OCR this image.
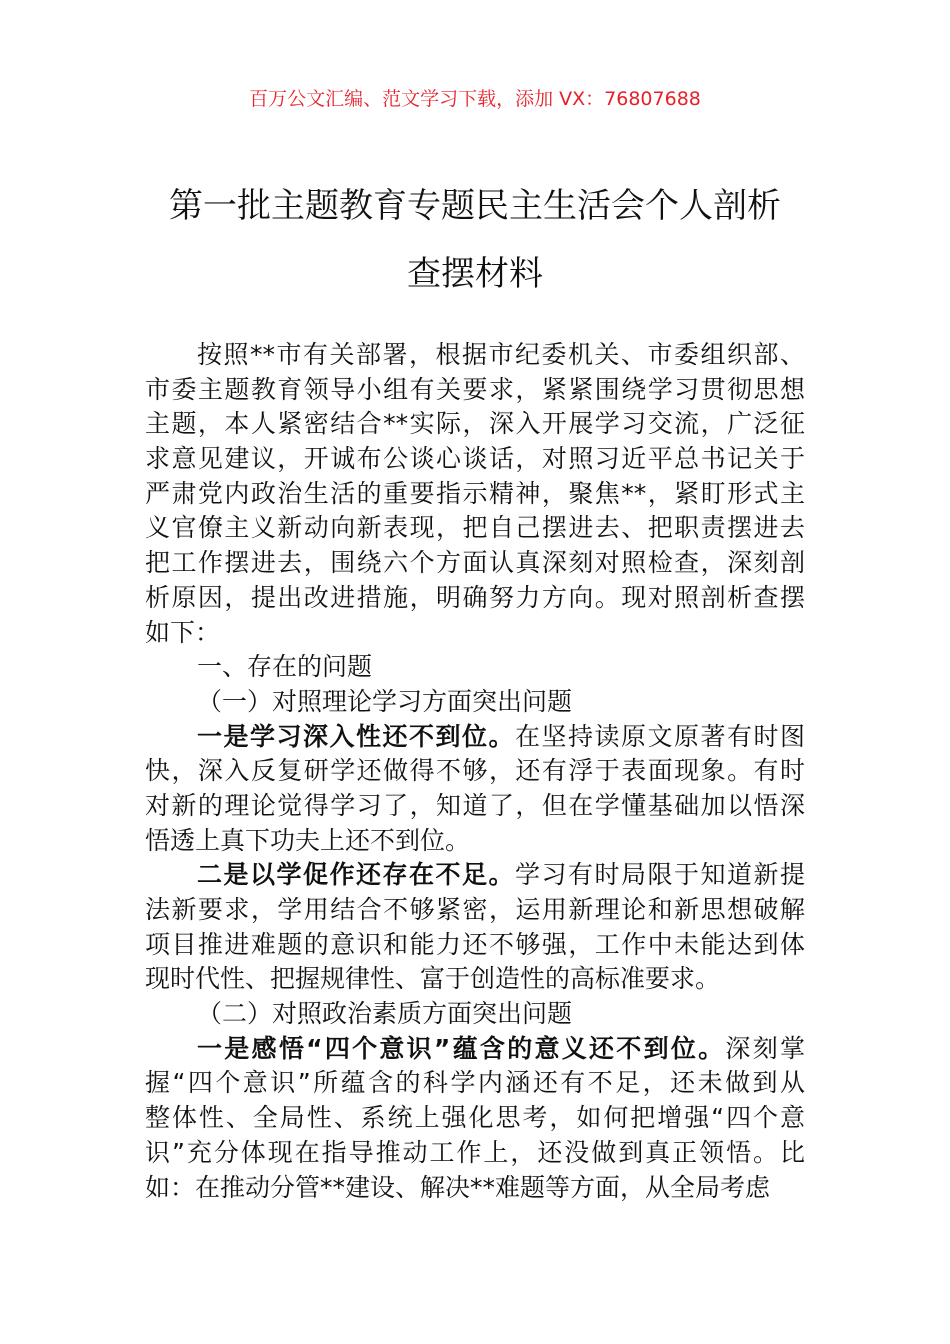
百万公文汇编、范文学习下载，添加 VX：76807688
第一批主题教育专题民主生活会个人剖析
查摆材料
按照**市有关部署，根据市纪委机关、市委组织部、
市委主题教育领导小组有关要求，紧紧围绕学习贯彻思想
主题，本人紧密结合**实际，深入开展学习交流，广泛征
求意见建议，开诚布公谈心谈话，对照习近平总书记关于
严肃党内政治生活的重要指示精神，聚焦**，紧盯形式主
义官僚主义新动向新表现，把自己摆进去、把职责摆进去
把工作摆进去，围绕六个方面认真深刻对照检查，深刻剖
析原因，提出改进措施，明确努力方向。现对照剖析查摆
如下：
一、存在的问题
（一）对照理论学习方面突出问题
一是学习深入性还不到位。在坚持读原文原著有时图
快，深入反复研学还做得不够，还有浮于表面现象。有时
对新的理论觉得学习了，知道了，但在学懂基础加以悟深
悟透上真下功夫上还不到位。
二是以学促作还存在不足。学习有时局限于知道新提
法新要求，学用结合不够紧密，运用新理论和新思想破解
项目推进难题的意识和能力还不够强，工作中未能达到体
现时代性、把握规律性、富于创造性的高标准要求。
（二）对照政治素质方面突出问题
一是感悟“四个意识”蕴含的意义还不到位。深刻掌
握“四个意识”所蕴含的科学内涵还有不足，还未做到从
整体性、全局性、系统上强化思考，如何把增强“四个意
识”充分体现在指导推动工作上，还没做到真正领悟。比
如：在推动分管**建设、解决**难题等方面，从全局考虑
